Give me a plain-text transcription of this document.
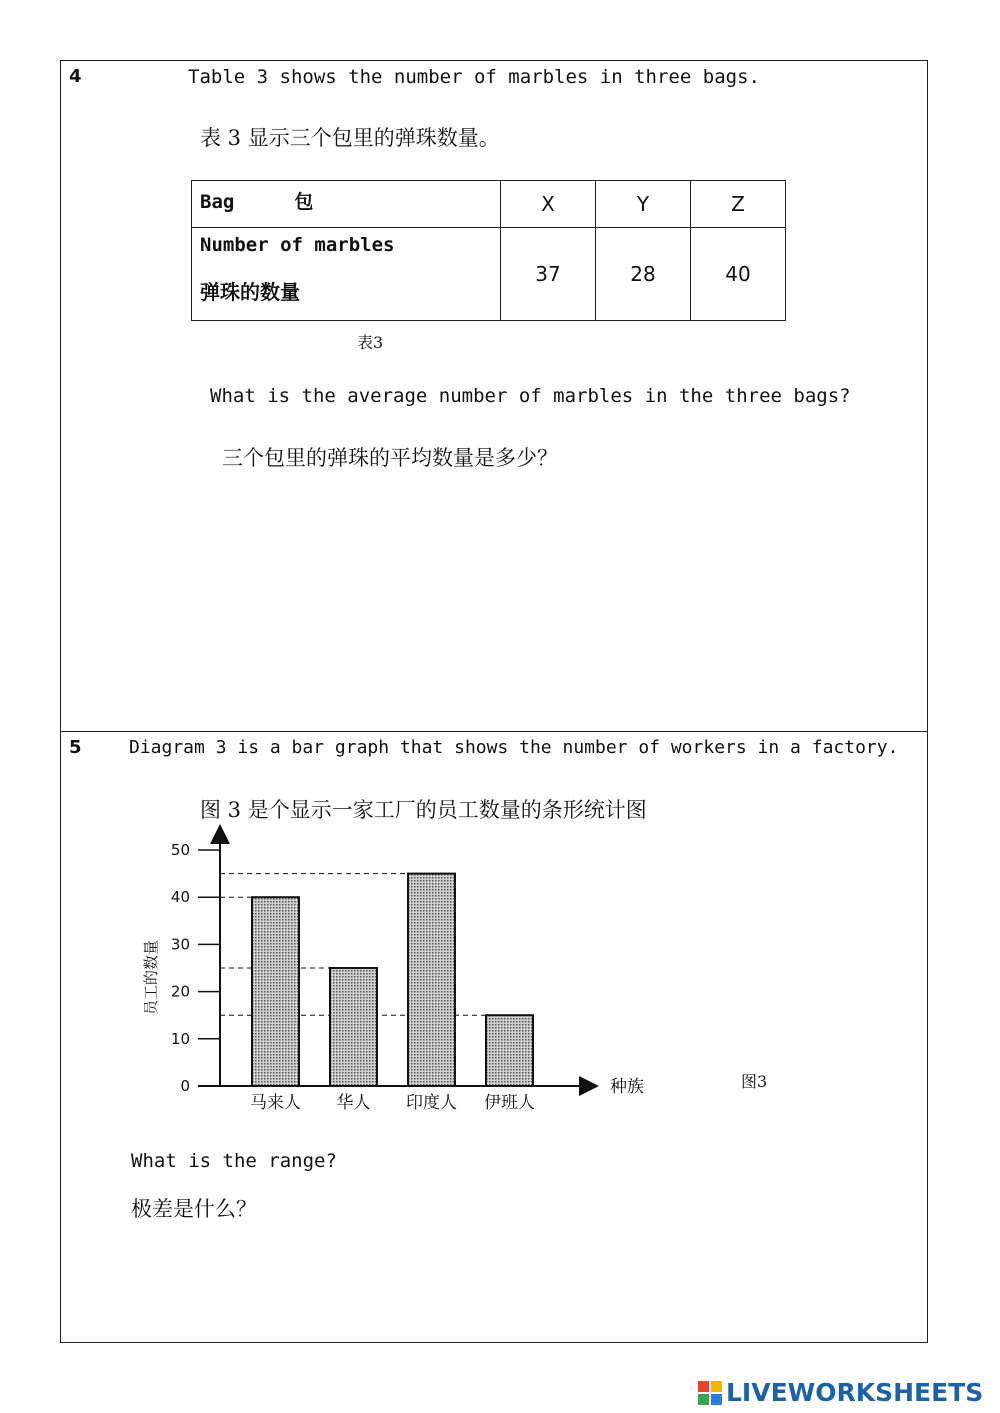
4	Table 3 shows the number of marbles in three bags.
表 3 显示三个包里的弹珠数量。
Bag 包	X	Y	Z

Number of marbles
弹珠的数量	37	28	40
表3
What is the average number of marbles in the three bags?
三个包里的弹珠的平均数量是多少？
5	Diagram 3 is a bar graph that shows the number of workers in a factory.
图 3 是个显示一家工厂的员工数量的条形统计图
0
10
20
30
40
50
马来人 华人 印度人 伊班人
种族
员工的数量
图3
What is the range?
极差是什么？
LIVEWORKSHEETS
